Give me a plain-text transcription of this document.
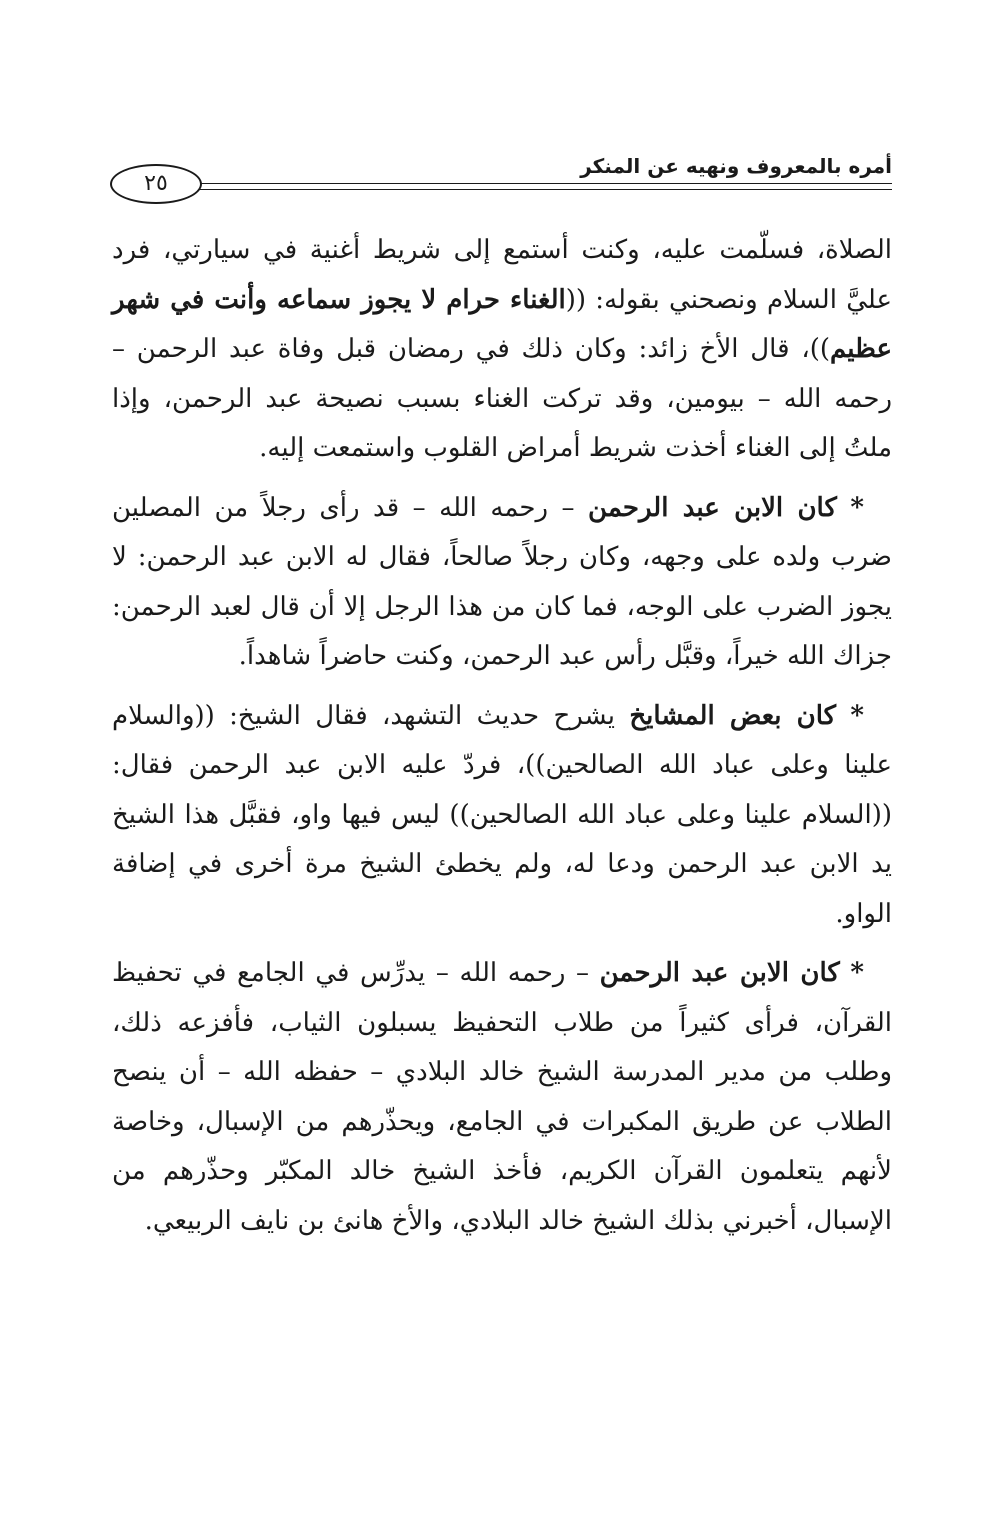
أمره بالمعروف ونهيه عن المنكر
٢٥

الصلاة، فسلّمت عليه، وكنت أستمع إلى شريط أغنية في سيارتي، فرد عليَّ السلام ونصحني بقوله: ((الغناء حرام لا يجوز سماعه وأنت في شهر عظيم))، قال الأخ زائد: وكان ذلك في رمضان قبل وفاة عبد الرحمن – رحمه الله – بيومين، وقد تركت الغناء بسبب نصيحة عبد الرحمن، وإذا ملتُ إلى الغناء أخذت شريط أمراض القلوب واستمعت إليه.

* كان الابن عبد الرحمن – رحمه الله – قد رأى رجلاً من المصلين ضرب ولده على وجهه، وكان رجلاً صالحاً، فقال له الابن عبد الرحمن: لا يجوز الضرب على الوجه، فما كان من هذا الرجل إلا أن قال لعبد الرحمن: جزاك الله خيراً، وقبَّل رأس عبد الرحمن، وكنت حاضراً شاهداً.

* كان بعض المشايخ يشرح حديث التشهد، فقال الشيخ: ((والسلام علينا وعلى عباد الله الصالحين))، فردّ عليه الابن عبد الرحمن فقال: ((السلام علينا وعلى عباد الله الصالحين)) ليس فيها واو، فقبَّل هذا الشيخ يد الابن عبد الرحمن ودعا له، ولم يخطئ الشيخ مرة أخرى في إضافة الواو.

* كان الابن عبد الرحمن – رحمه الله – يدرِّس في الجامع في تحفيظ القرآن، فرأى كثيراً من طلاب التحفيظ يسبلون الثياب، فأفزعه ذلك، وطلب من مدير المدرسة الشيخ خالد البلادي – حفظه الله – أن ينصح الطلاب عن طريق المكبرات في الجامع، ويحذّرهم من الإسبال، وخاصة لأنهم يتعلمون القرآن الكريم، فأخذ الشيخ خالد المكبّر وحذّرهم من الإسبال، أخبرني بذلك الشيخ خالد البلادي، والأخ هانئ بن نايف الربيعي.
